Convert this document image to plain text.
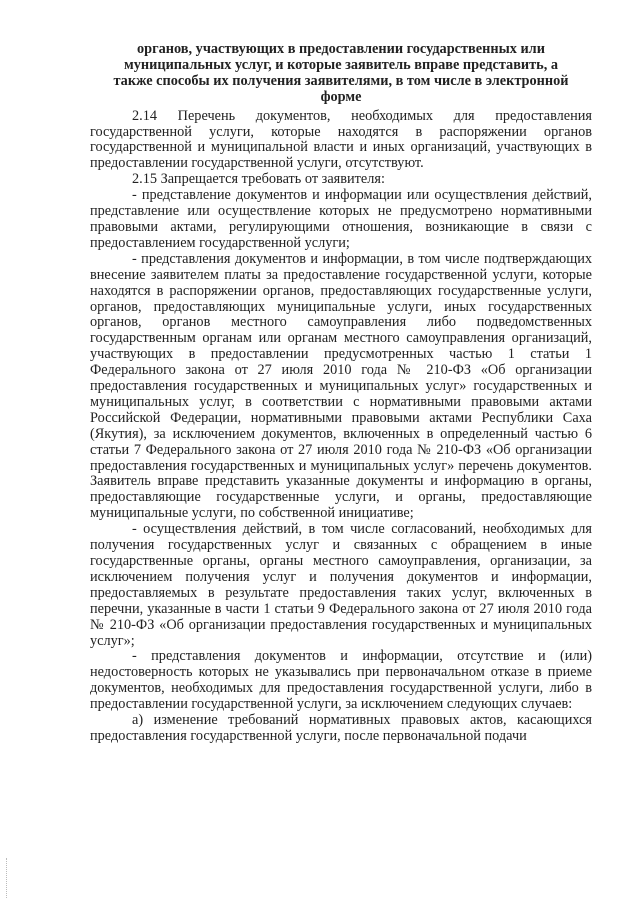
органов, участвующих в предоставлении государственных или
муниципальных услуг, и которые заявитель вправе представить, а
также способы их получения заявителями, в том числе в электронной
форме

2.14 Перечень документов, необходимых для предоставления государственной услуги, которые находятся в распоряжении органов государственной и муниципальной власти и иных организаций, участвующих в предоставлении государственной услуги, отсутствуют.

2.15 Запрещается требовать от заявителя:

- представление документов и информации или осуществления действий, представление или осуществление которых не предусмотрено нормативными правовыми актами, регулирующими отношения, возникающие в связи с предоставлением государственной услуги;

- представления документов и информации, в том числе подтверждающих внесение заявителем платы за предоставление государственной услуги, которые находятся в распоряжении органов, предоставляющих государственные услуги, органов, предоставляющих муниципальные услуги, иных государственных органов, органов местного самоуправления либо подведомственных государственным органам или органам местного самоуправления организаций, участвующих в предоставлении предусмотренных частью 1 статьи 1 Федерального закона от 27 июля 2010 года № 210-ФЗ «Об организации предоставления государственных и муниципальных услуг» государственных и муниципальных услуг, в соответствии с нормативными правовыми актами Российской Федерации, нормативными правовыми актами Республики Саха (Якутия), за исключением документов, включенных в определенный частью 6 статьи 7 Федерального закона от 27 июля 2010 года № 210-ФЗ «Об организации предоставления государственных и муниципальных услуг» перечень документов. Заявитель вправе представить указанные документы и информацию в органы, предоставляющие государственные услуги, и органы, предоставляющие муниципальные услуги, по собственной инициативе;

- осуществления действий, в том числе согласований, необходимых для получения государственных услуг и связанных с обращением в иные государственные органы, органы местного самоуправления, организации, за исключением получения услуг и получения документов и информации, предоставляемых в результате предоставления таких услуг, включенных в перечни, указанные в части 1 статьи 9 Федерального закона от 27 июля 2010 года № 210-ФЗ «Об организации предоставления государственных и муниципальных услуг»;

- представления документов и информации, отсутствие и (или) недостоверность которых не указывались при первоначальном отказе в приеме документов, необходимых для предоставления государственной услуги, либо в предоставлении государственной услуги, за исключением следующих случаев:

а) изменение требований нормативных правовых актов, касающихся предоставления государственной услуги, после первоначальной подачи
